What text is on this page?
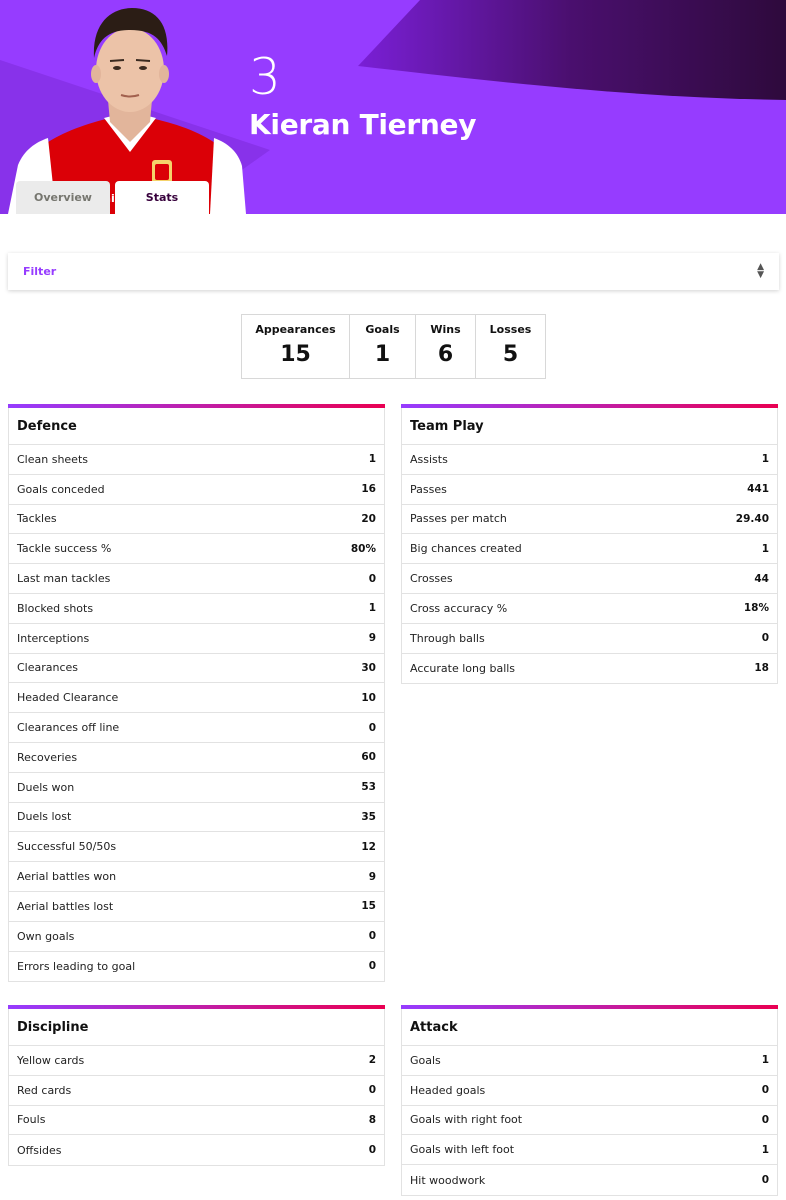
3
Kieran Tierney
Overview	Stats
Filter	▲
▼
Appearances
15
Goals
1
Wins
6
Losses
5
Defence
Clean sheets	1
Goals conceded	16
Tackles	20
Tackle success %	80%
Last man tackles	0
Blocked shots	1
Interceptions	9
Clearances	30
Headed Clearance	10
Clearances off line	0
Recoveries	60
Duels won	53
Duels lost	35
Successful 50/50s	12
Aerial battles won	9
Aerial battles lost	15
Own goals	0
Errors leading to goal	0
Team Play
Assists	1
Passes	441
Passes per match	29.40
Big chances created	1
Crosses	44
Cross accuracy %	18%
Through balls	0
Accurate long balls	18
Discipline
Yellow cards	2
Red cards	0
Fouls	8
Offsides	0
Attack
Goals	1
Headed goals	0
Goals with right foot	0
Goals with left foot	1
Hit woodwork	0
